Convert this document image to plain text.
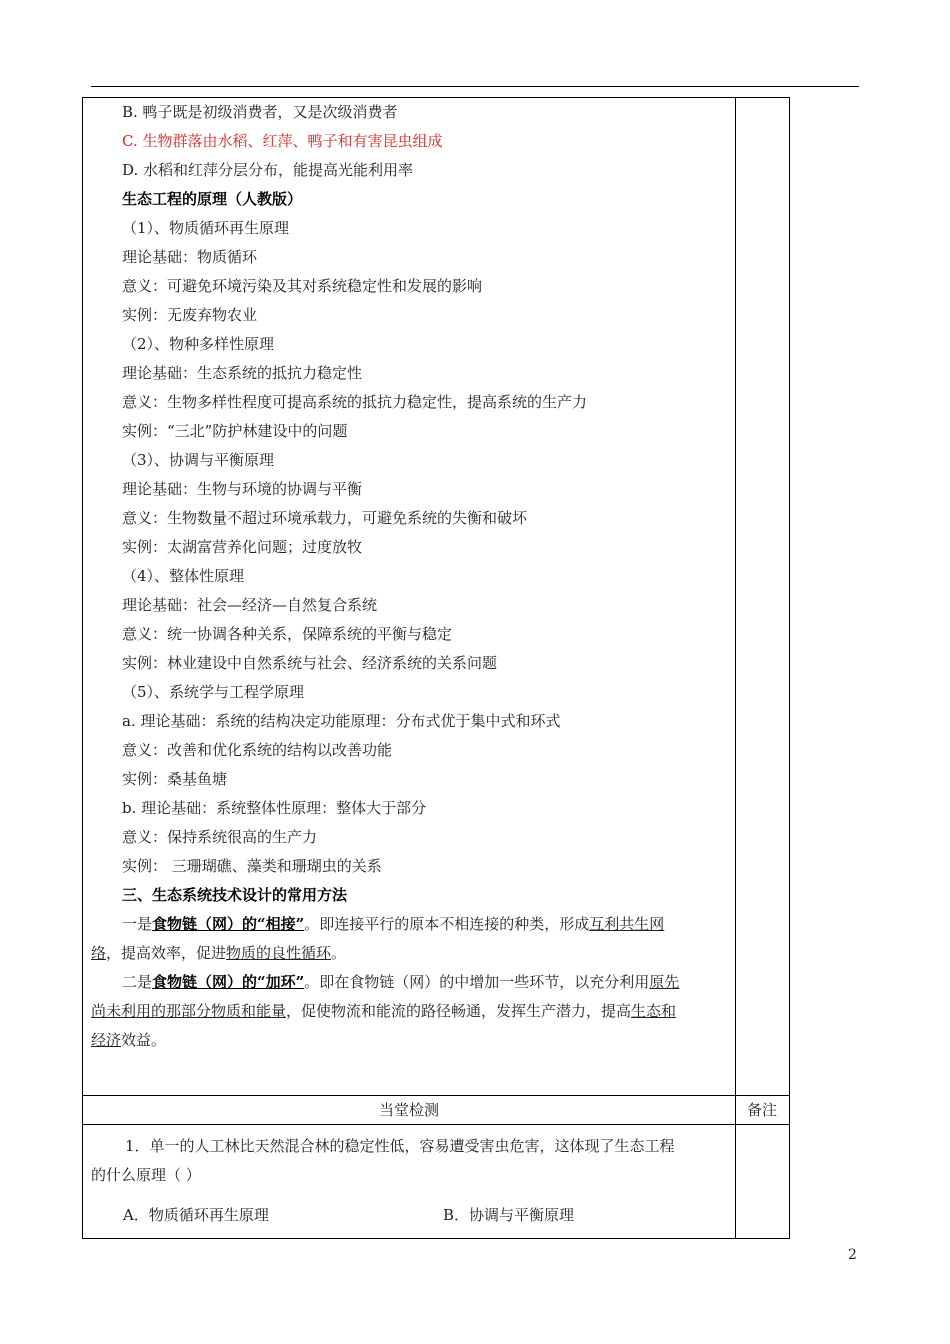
B. 鸭子既是初级消费者，又是次级消费者
C. 生物群落由水稻、红萍、鸭子和有害昆虫组成
D. 水稻和红萍分层分布，能提高光能利用率
生态工程的原理（人教版）
（1）、物质循环再生原理
理论基础：物质循环
意义：可避免环境污染及其对系统稳定性和发展的影响
实例：无废弃物农业
（2）、物种多样性原理
理论基础：生态系统的抵抗力稳定性
意义：生物多样性程度可提高系统的抵抗力稳定性，提高系统的生产力
实例：“三北”防护林建设中的问题
（3）、协调与平衡原理
理论基础：生物与环境的协调与平衡
意义：生物数量不超过环境承载力，可避免系统的失衡和破坏
实例：太湖富营养化问题；过度放牧
（4）、整体性原理
理论基础：社会—经济—自然复合系统
意义：统一协调各种关系，保障系统的平衡与稳定
实例：林业建设中自然系统与社会、经济系统的关系问题
（5）、系统学与工程学原理
a. 理论基础：系统的结构决定功能原理：分布式优于集中式和环式
意义：改善和优化系统的结构以改善功能
实例：桑基鱼塘
b. 理论基础：系统整体性原理：整体大于部分
意义：保持系统很高的生产力
实例： 三珊瑚礁、藻类和珊瑚虫的关系
三、生态系统技术设计的常用方法
一是食物链（网）的“相接”。即连接平行的原本不相连接的种类，形成互利共生网
络，提高效率，促进物质的良性循环。
二是食物链（网）的“加环”。即在食物链（网）的中增加一些环节，以充分利用原先
尚未利用的那部分物质和能量，促使物流和能流的路径畅通，发挥生产潜力，提高生态和
经济效益。
当堂检测	备注
1．单一的人工林比天然混合林的稳定性低，容易遭受害虫危害，这体现了生态工程
的什么原理（ ）
A．物质循环再生原理	B．协调与平衡原理
2
